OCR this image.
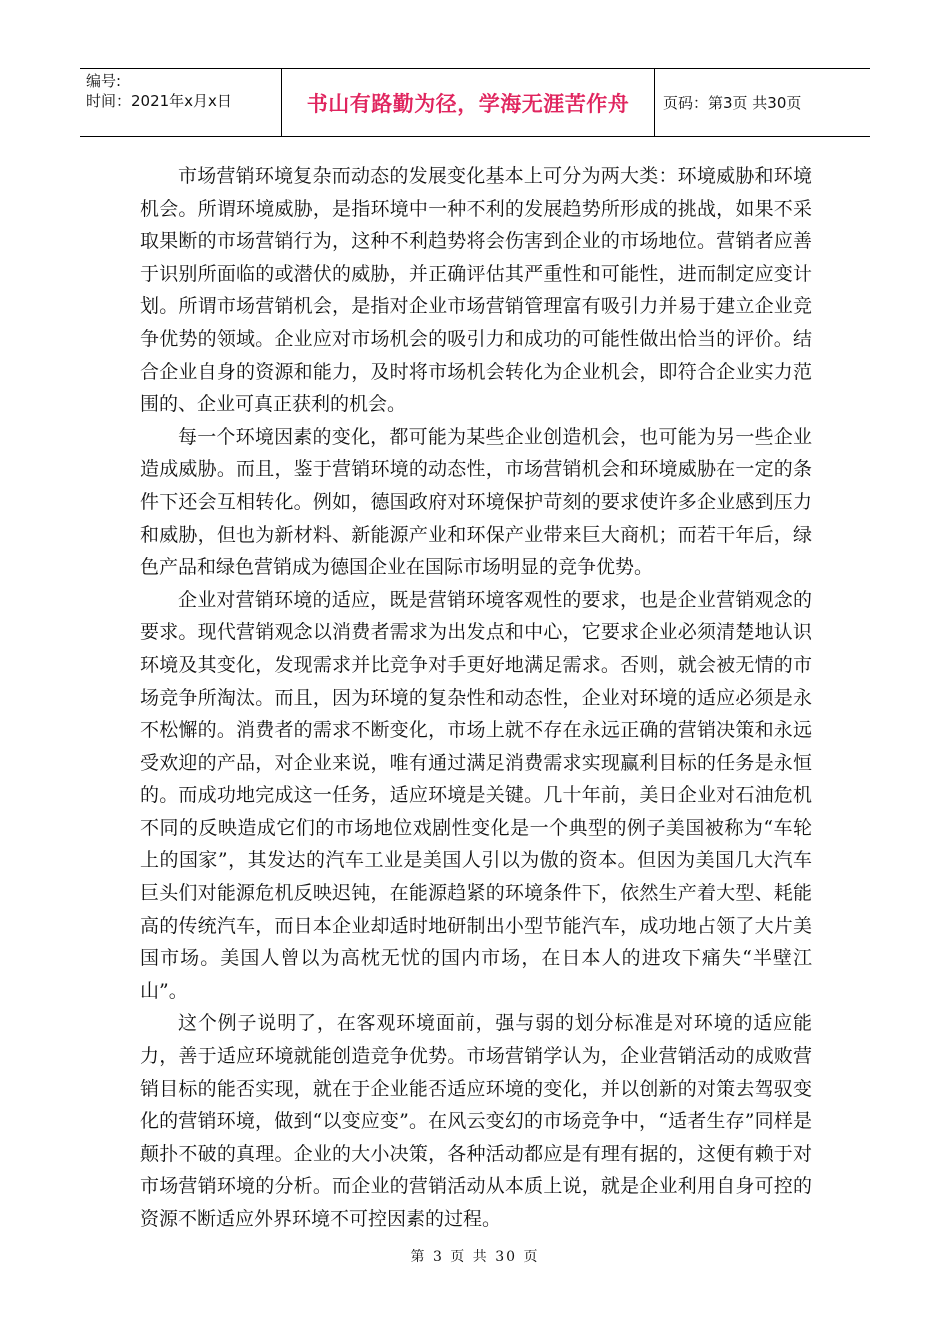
编号:
时间：2021年x月x日	书山有路勤为径，学海无涯苦作舟	页码：第3页 共30页

市场营销环境复杂而动态的发展变化基本上可分为两大类：环境威胁和环境机会。所谓环境威胁，是指环境中一种不利的发展趋势所形成的挑战，如果不采取果断的市场营销行为，这种不利趋势将会伤害到企业的市场地位。营销者应善于识别所面临的或潜伏的威胁，并正确评估其严重性和可能性，进而制定应变计划。所谓市场营销机会，是指对企业市场营销管理富有吸引力并易于建立企业竞争优势的领域。企业应对市场机会的吸引力和成功的可能性做出恰当的评价。结合企业自身的资源和能力，及时将市场机会转化为企业机会，即符合企业实力范围的、企业可真正获利的机会。

每一个环境因素的变化，都可能为某些企业创造机会，也可能为另一些企业造成威胁。而且，鉴于营销环境的动态性，市场营销机会和环境威胁在一定的条件下还会互相转化。例如，德国政府对环境保护苛刻的要求使许多企业感到压力和威胁，但也为新材料、新能源产业和环保产业带来巨大商机；而若干年后，绿色产品和绿色营销成为德国企业在国际市场明显的竞争优势。

企业对营销环境的适应，既是营销环境客观性的要求，也是企业营销观念的要求。现代营销观念以消费者需求为出发点和中心，它要求企业必须清楚地认识环境及其变化，发现需求并比竞争对手更好地满足需求。否则，就会被无情的市场竞争所淘汰。而且，因为环境的复杂性和动态性，企业对环境的适应必须是永不松懈的。消费者的需求不断变化，市场上就不存在永远正确的营销决策和永远受欢迎的产品，对企业来说，唯有通过满足消费需求实现赢利目标的任务是永恒的。而成功地完成这一任务，适应环境是关键。几十年前，美日企业对石油危机不同的反映造成它们的市场地位戏剧性变化是一个典型的例子美国被称为“车轮上的国家”，其发达的汽车工业是美国人引以为傲的资本。但因为美国几大汽车巨头们对能源危机反映迟钝，在能源趋紧的环境条件下，依然生产着大型、耗能高的传统汽车，而日本企业却适时地研制出小型节能汽车，成功地占领了大片美国市场。美国人曾以为高枕无忧的国内市场，在日本人的进攻下痛失“半壁江山”。

这个例子说明了，在客观环境面前，强与弱的划分标准是对环境的适应能力，善于适应环境就能创造竞争优势。市场营销学认为，企业营销活动的成败营销目标的能否实现，就在于企业能否适应环境的变化，并以创新的对策去驾驭变化的营销环境，做到“以变应变”。在风云变幻的市场竞争中，“适者生存”同样是颠扑不破的真理。企业的大小决策，各种活动都应是有理有据的，这便有赖于对市场营销环境的分析。而企业的营销活动从本质上说，就是企业利用自身可控的资源不断适应外界环境不可控因素的过程。

第 3 页 共 30 页
